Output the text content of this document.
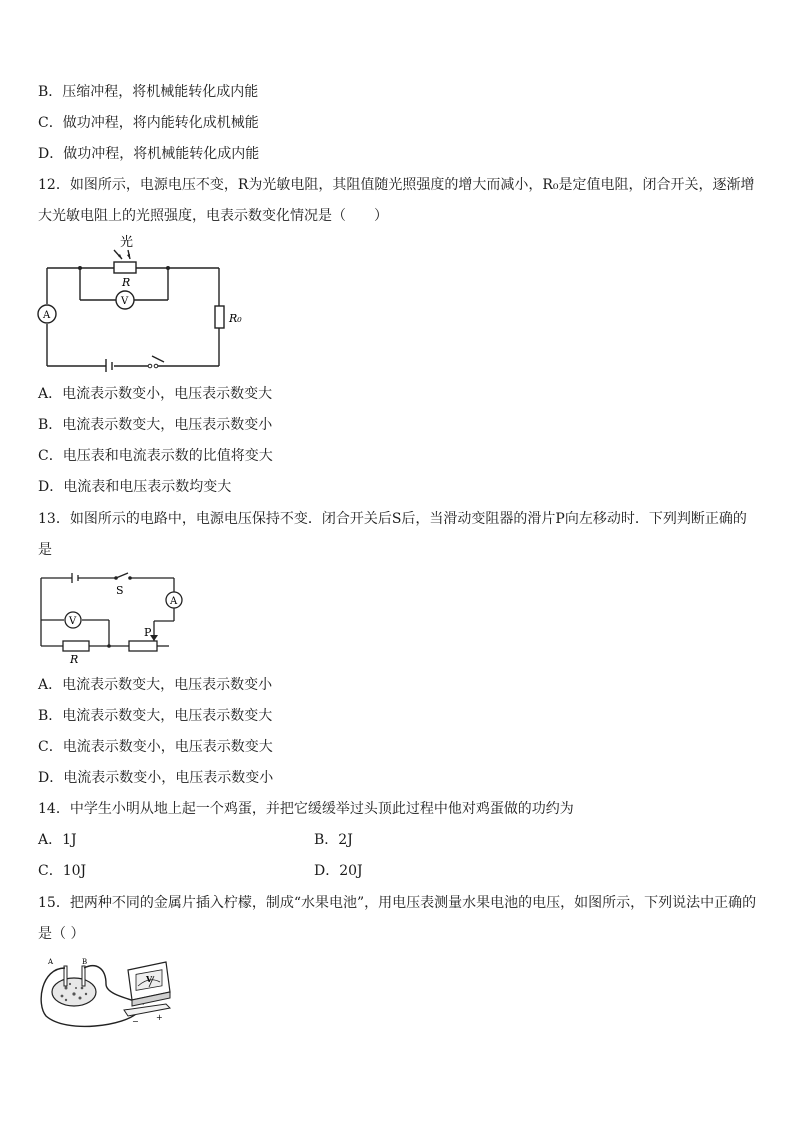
B．压缩冲程，将机械能转化成内能
C．做功冲程，将内能转化成机械能
D．做功冲程，将机械能转化成内能
12．如图所示，电源电压不变，R为光敏电阻，其阻值随光照强度的增大而减小，R₀是定值电阻，闭合开关，逐渐增
大光敏电阻上的光照强度，电表示数变化情况是（　　）
光
R
R₀
A
V
A．电流表示数变小，电压表示数变大
B．电流表示数变大，电压表示数变小
C．电压表和电流表示数的比值将变大
D．电流表和电压表示数均变大
13．如图所示的电路中，电源电压保持不变．闭合开关后S后，当滑动变阻器的滑片P向左移动时．下列判断正确的
是
S
P
R
A
V
A．电流表示数变大，电压表示数变小
B．电流表示数变大，电压表示数变大
C．电流表示数变小，电压表示数变大
D．电流表示数变小，电压表示数变小
14．中学生小明从地上起一个鸡蛋，并把它缓缓举过头顶此过程中他对鸡蛋做的功约为
A．1J	B．2J
C．10J	D．20J
15．把两种不同的金属片插入柠檬，制成“水果电池”，用电压表测量水果电池的电压，如图所示，下列说法中正确的
是（ ）
A	B
V
− +
